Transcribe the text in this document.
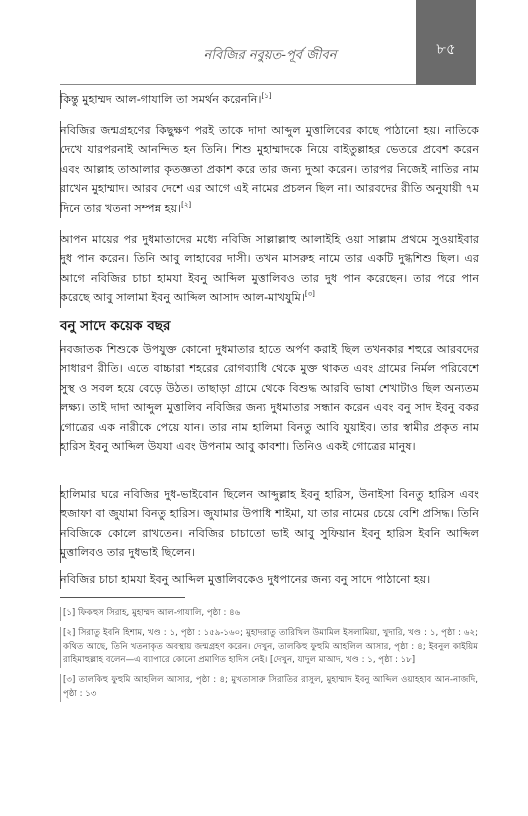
নবিজির নবুয়ত-পূর্ব জীবন	৮৫

কিন্তু মুহাম্মদ আল-গাযালি তা সমর্থন করেননি।[১]

নবিজির জন্মগ্রহণের কিছুক্ষণ পরই তাকে দাদা আব্দুল মুত্তালিবের কাছে পাঠানো হয়। নাতিকে দেখে যারপরনাই আনন্দিত হন তিনি। শিশু মুহাম্মাদকে নিয়ে বাইতুল্লাহর ভেতরে প্রবেশ করেন এবং আল্লাহ তাআলার কৃতজ্ঞতা প্রকাশ করে তার জন্য দুআ করেন। তারপর নিজেই নাতির নাম রাখেন মুহাম্মাদ। আরব দেশে এর আগে এই নামের প্রচলন ছিল না। আরবদের রীতি অনুযায়ী ৭ম দিনে তার খতনা সম্পন্ন হয়।[২]

আপন মায়ের পর দুধমাতাদের মধ্যে নবিজি সাল্লাল্লাহু আলাইহি ওয়া সাল্লাম প্রথমে সুওয়াইবার দুধ পান করেন। তিনি আবু লাহাবের দাসী। তখন মাসরুহ নামে তার একটি দুগ্ধশিশু ছিল। এর আগে নবিজির চাচা হামযা ইবনু আব্দিল মুত্তালিবও তার দুধ পান করেছেন। তার পরে পান করেছে আবু সালামা ইবনু আব্দিল আসাদ আল-মাখযুমি।[৩]

বনু সাদে কয়েক বছর

নবজাতক শিশুকে উপযুক্ত কোনো দুধমাতার হাতে অর্পণ করাই ছিল তখনকার শহুরে আরবদের সাধারণ রীতি। এতে বাচ্চারা শহরের রোগব্যাধি থেকে মুক্ত থাকত এবং গ্রামের নির্মল পরিবেশে সুস্থ ও সবল হয়ে বেড়ে উঠত। তাছাড়া গ্রামে থেকে বিশুদ্ধ আরবি ভাষা শেখাটাও ছিল অন্যতম লক্ষ্য। তাই দাদা আব্দুল মুত্তালিব নবিজির জন্য দুধমাতার সন্ধান করেন এবং বনু সাদ ইবনু বকর গোত্রের এক নারীকে পেয়ে যান। তার নাম হালিমা বিনতু আবি যুয়াইব। তার স্বামীর প্রকৃত নাম হারিস ইবনু আব্দিল উযযা এবং উপনাম আবু কাবশা। তিনিও একই গোত্রের মানুষ।

হালিমার ঘরে নবিজির দুধ-ভাইবোন ছিলেন আব্দুল্লাহ ইবনু হারিস, উনাইসা বিনতু হারিস এবং হুজাফা বা জুযামা বিনতু হারিস। জুযামার উপাধি শাইমা, যা তার নামের চেয়ে বেশি প্রসিদ্ধ। তিনি নবিজিকে কোলে রাখতেন। নবিজির চাচাতো ভাই আবু সুফিয়ান ইবনু হারিস ইবনি আব্দিল মুত্তালিবও তার দুধভাই ছিলেন।

নবিজির চাচা হামযা ইবনু আব্দিল মুত্তালিবকেও দুধপানের জন্য বনু সাদে পাঠানো হয়।

[১] ফিকহুস সিরাহ, মুহাম্মদ আল-গাযালি, পৃষ্ঠা : ৪৬
[২] সিরাতু ইবনি হিশাম, খণ্ড : ১, পৃষ্ঠা : ১৫৯-১৬০; মুহাদরাতু তারিখিল উমামিল ইসলামিয়া, খুদারি, খণ্ড : ১, পৃষ্ঠা : ৬২; কথিত আছে, তিনি খতনাকৃত অবস্থায় জন্মগ্রহণ করেন। দেখুন, তালকিহু ফুহুমি আহলিল আসার, পৃষ্ঠা : ৪; ইবনুল কাইয়িম রাহিমাহুল্লাহ বলেন—এ ব্যাপারে কোনো প্রমাণিত হাদিস নেই। [দেখুন, যাদুল মাআদ, খণ্ড : ১, পৃষ্ঠা : ১৮]
[৩] তালকিহু ফুহুমি আহলিল আসার, পৃষ্ঠা : ৪; মুখতাসারু সিরাতির রাসুল, মুহাম্মাদ ইবনু আব্দিল ওয়াহহাব আন-নাজদি, পৃষ্ঠা : ১৩
